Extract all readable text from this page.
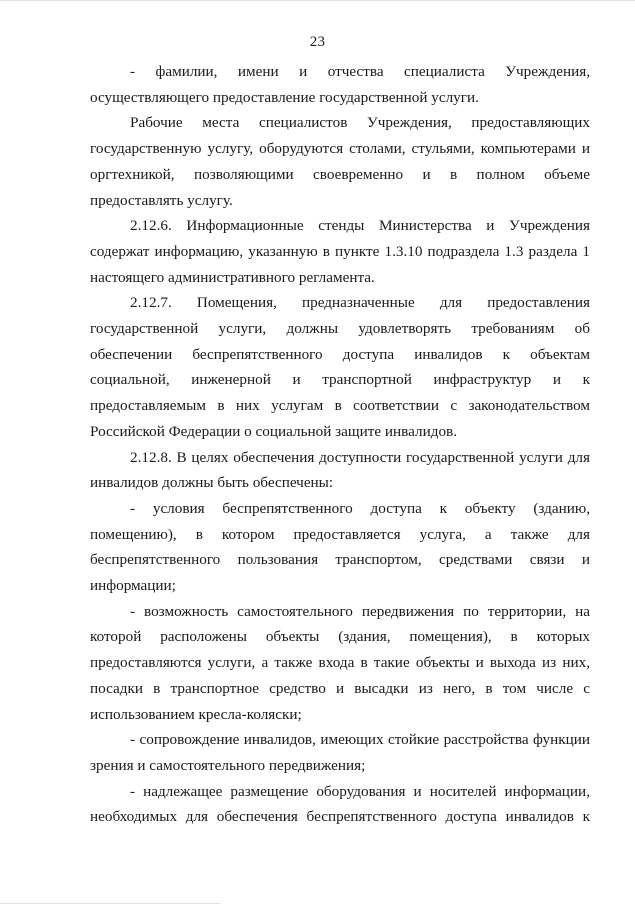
23

- фамилии, имени и отчества специалиста Учреждения, осуществляющего предоставление государственной услуги.

Рабочие места специалистов Учреждения, предоставляющих государственную услугу, оборудуются столами, стульями, компьютерами и оргтехникой, позволяющими своевременно и в полном объеме предоставлять услугу.

2.12.6. Информационные стенды Министерства и Учреждения содержат информацию, указанную в пункте 1.3.10 подраздела 1.3 раздела 1 настоящего административного регламента.

2.12.7. Помещения, предназначенные для предоставления государственной услуги, должны удовлетворять требованиям об обеспечении беспрепятственного доступа инвалидов к объектам социальной, инженерной и транспортной инфраструктур и к предоставляемым в них услугам в соответствии с законодательством Российской Федерации о социальной защите инвалидов.

2.12.8. В целях обеспечения доступности государственной услуги для инвалидов должны быть обеспечены:

- условия беспрепятственного доступа к объекту (зданию, помещению), в котором предоставляется услуга, а также для беспрепятственного пользования транспортом, средствами связи и информации;

- возможность самостоятельного передвижения по территории, на которой расположены объекты (здания, помещения), в которых предоставляются услуги, а также входа в такие объекты и выхода из них, посадки в транспортное средство и высадки из него, в том числе с использованием кресла-коляски;

- сопровождение инвалидов, имеющих стойкие расстройства функции зрения и самостоятельного передвижения;

- надлежащее размещение оборудования и носителей информации, необходимых для обеспечения беспрепятственного доступа инвалидов к
